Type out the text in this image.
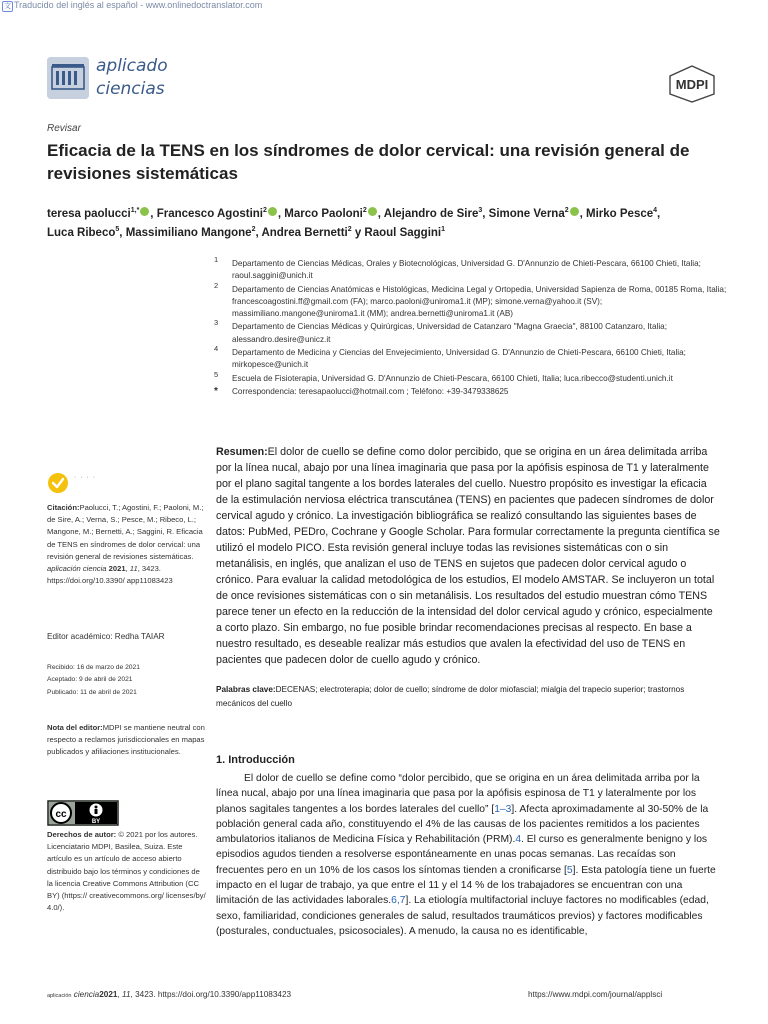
文 Traducido del inglés al español - www.onlinedoctranslator.com
aplicado
ciencias	MDPI
Revisar
Eficacia de la TENS en los síndromes de dolor cervical: una revisión general de revisiones sistemáticas
teresa paolucci$^{1,*}$ , Francesco Agostini$^2$ , Marco Paoloni$^2$ , Alejandro de Sire$^3$, Simone Verna$^2$ , Mirko Pesce$^4$, Luca Ribeco$^5$, Massimiliano Mangone$^2$, Andrea Bernetti$^2$ y Raoul Saggini$^1$
1 Departamento de Ciencias Médicas, Orales y Biotecnológicas, Universidad G. D'Annunzio de Chieti-Pescara, 66100 Chieti, Italia; raoul.saggini@unich.it
2 Departamento de Ciencias Anatómicas e Histológicas, Medicina Legal y Ortopedia, Universidad Sapienza de Roma, 00185 Roma, Italia; francescoagostini.ff@gmail.com (FA); marco.paoloni@uniroma1.it (MP); simone.verna@yahoo.it (SV); massimiliano.mangone@uniroma1.it (MM); andrea.bernetti@uniroma1.it (AB)
3 Departamento de Ciencias Médicas y Quirúrgicas, Universidad de Catanzaro "Magna Graecia", 88100 Catanzaro, Italia; alessandro.desire@unicz.it
4 Departamento de Medicina y Ciencias del Envejecimiento, Universidad G. D'Annunzio de Chieti-Pescara, 66100 Chieti, Italia; mirkopesce@unich.it
5 Escuela de Fisioterapia, Universidad G. D'Annunzio de Chieti-Pescara, 66100 Chieti, Italia; luca.ribecco@studenti.unich.it
* Correspondencia: teresapaolucci@hotmail.com ; Teléfono: +39-3479338625
Resumen:El dolor de cuello se define como dolor percibido, que se origina en un área delimitada arriba por la línea nucal, abajo por una línea imaginaria que pasa por la apófisis espinosa de T1 y lateralmente por el plano sagital tangente a los bordes laterales del cuello. Nuestro propósito es investigar la eficacia de la estimulación nerviosa eléctrica transcutánea (TENS) en pacientes que padecen síndromes de dolor cervical agudo y crónico. La investigación bibliográfica se realizó consultando las siguientes bases de datos: PubMed, PEDro, Cochrane y Google Scholar. Para formular correctamente la pregunta científica se utilizó el modelo PICO. Esta revisión general incluye todas las revisiones sistemáticas con o sin metanálisis, en inglés, que analizan el uso de TENS en sujetos que padecen dolor cervical agudo o crónico. Para evaluar la calidad metodológica de los estudios, El modelo AMSTAR. Se incluyeron un total de once revisiones sistemáticas con o sin metanálisis. Los resultados del estudio muestran cómo TENS parece tener un efecto en la reducción de la intensidad del dolor cervical agudo y crónico, especialmente a corto plazo. Sin embargo, no fue posible brindar recomendaciones precisas al respecto. En base a nuestro resultado, es deseable realizar más estudios que avalen la efectividad del uso de TENS en pacientes que padecen dolor de cuello agudo y crónico.
Palabras clave:DECENAS; electroterapia; dolor de cuello; síndrome de dolor miofascial; mialgia del trapecio superior; trastornos mecánicos del cuello
1. Introducción
El dolor de cuello se define como “dolor percibido, que se origina en un área delimitada arriba por la línea nucal, abajo por una línea imaginaria que pasa por la apófisis espinosa de T1 y lateralmente por los planos sagitales tangentes a los bordes laterales del cuello” [1–3]. Afecta aproximadamente al 30-50% de la población general cada año, constituyendo el 4% de las causas de los pacientes remitidos a los pacientes ambulatorios italianos de Medicina Física y Rehabilitación (PRM).4. El curso es generalmente benigno y los episodios agudos tienden a resolverse espontáneamente en unas pocas semanas. Las recaídas son frecuentes pero en un 10% de los casos los síntomas tienden a cronificarse [5]. Esta patología tiene un fuerte impacto en el lugar de trabajo, ya que entre el 11 y el 14 % de los trabajadores se encuentran con una limitación de las actividades laborales.6,7]. La etiología multifactorial incluye factores no modificables (edad, sexo, familiaridad, condiciones generales de salud, resultados traumáticos previos) y factores modificables (posturales, conductuales, psicosociales). A menudo, la causa no es identificable,
· · · ·
Citación:Paolucci, T.; Agostini, F.; Paoloni, M.; de Sire, A.; Verna, S.; Pesce, M.; Ribeco, L.; Mangone, M.; Bernetti, A.; Saggini, R. Eficacia de TENS en síndromes de dolor cervical: una revisión general de revisiones sistemáticas. aplicación ciencia 2021, 11, 3423. https://doi.org/10.3390/ app11083423
Editor académico: Redha TAIAR
Recibido: 16 de marzo de 2021
Aceptado: 9 de abril de 2021
Publicado: 11 de abril de 2021
Nota del editor:MDPI se mantiene neutral con respecto a reclamos jurisdiccionales en mapas publicados y afiliaciones institucionales.
cc
BY
Derechos de autor: © 2021 por los autores. Licenciatario MDPI, Basilea, Suiza. Este artículo es un artículo de acceso abierto distribuido bajo los términos y condiciones de la licencia Creative Commons Attribution (CC BY) (https:// creativecommons.org/ licenses/by/ 4.0/).
aplicación ciencia2021, 11, 3423. https://doi.org/10.3390/app11083423	https://www.mdpi.com/journal/applsci
